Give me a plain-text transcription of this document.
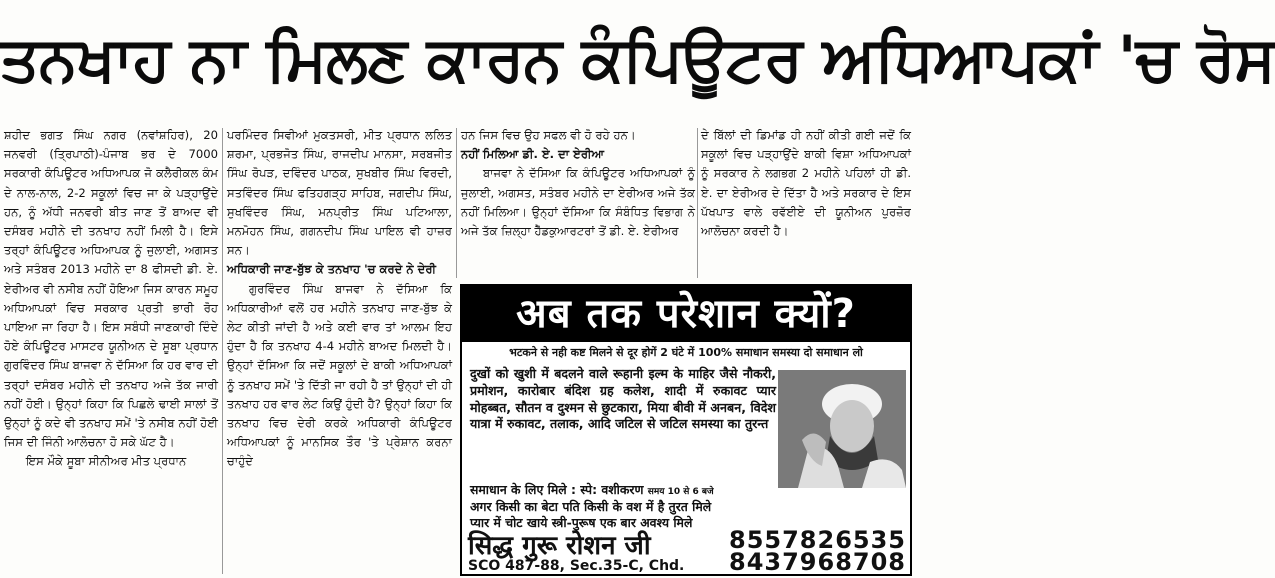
ਤਨਖਾਹ ਨਾ ਮਿਲਣ ਕਾਰਨ ਕੰਪਿਊਟਰ ਅਧਿਆਪਕਾਂ 'ਚ ਰੋਸ

ਸ਼ਹੀਦ ਭਗਤ ਸਿੰਘ ਨਗਰ (ਨਵਾਂਸ਼ਹਿਰ), 20 ਜਨਵਰੀ (ਤ੍ਰਿਪਾਠੀ)-ਪੰਜਾਬ ਭਰ ਦੇ 7000 ਸਰਕਾਰੀ ਕੰਪਿਊਟਰ ਅਧਿਆਪਕ ਜੋ ਕਲੈਰੀਕਲ ਕੰਮ ਦੇ ਨਾਲ-ਨਾਲ, 2-2 ਸਕੂਲਾਂ ਵਿਚ ਜਾ ਕੇ ਪੜ੍ਹਾਉਂਦੇ ਹਨ, ਨੂੰ ਅੱਧੀ ਜਨਵਰੀ ਬੀਤ ਜਾਣ ਤੋਂ ਬਾਅਦ ਵੀ ਦਸੰਬਰ ਮਹੀਨੇ ਦੀ ਤਨਖਾਹ ਨਹੀਂ ਮਿਲੀ ਹੈ। ਇਸੇ ਤਰ੍ਹਾਂ ਕੰਪਿਊਟਰ ਅਧਿਆਪਕ ਨੂੰ ਜੁਲਾਈ, ਅਗਸਤ ਅਤੇ ਸਤੰਬਰ 2013 ਮਹੀਨੇ ਦਾ 8 ਫੀਸਦੀ ਡੀ. ਏ. ਏਰੀਅਰ ਵੀ ਨਸੀਬ ਨਹੀਂ ਹੋਇਆ ਜਿਸ ਕਾਰਨ ਸਮੂਹ ਅਧਿਆਪਕਾਂ ਵਿਚ ਸਰਕਾਰ ਪ੍ਰਤੀ ਭਾਰੀ ਰੋਹ ਪਾਇਆ ਜਾ ਰਿਹਾ ਹੈ। ਇਸ ਸਬੰਧੀ ਜਾਣਕਾਰੀ ਦਿੰਦੇ ਹੋਏ ਕੰਪਿਊਟਰ ਮਾਸਟਰ ਯੂਨੀਅਨ ਦੇ ਸੂਬਾ ਪ੍ਰਧਾਨ ਗੁਰਵਿੰਦਰ ਸਿੰਘ ਬਾਜਵਾ ਨੇ ਦੱਸਿਆ ਕਿ ਹਰ ਵਾਰ ਦੀ ਤਰ੍ਹਾਂ ਦਸੰਬਰ ਮਹੀਨੇ ਦੀ ਤਨਖਾਹ ਅਜੇ ਤੱਕ ਜਾਰੀ ਨਹੀਂ ਹੋਈ। ਉਨ੍ਹਾਂ ਕਿਹਾ ਕਿ ਪਿਛਲੇ ਢਾਈ ਸਾਲਾਂ ਤੋਂ ਉਨ੍ਹਾਂ ਨੂੰ ਕਦੇ ਵੀ ਤਨਖਾਹ ਸਮੇਂ 'ਤੇ ਨਸੀਬ ਨਹੀਂ ਹੋਈ ਜਿਸ ਦੀ ਜਿੰਨੀ ਆਲੋਚਨਾ ਹੋ ਸਕੇ ਘੱਟ ਹੈ।

ਇਸ ਮੌਕੇ ਸੂਬਾ ਸੀਨੀਅਰ ਮੀਤ ਪ੍ਰਧਾਨ

ਪਰਮਿੰਦਰ ਸਿਵੀਆਂ ਮੁਕਤਸਰੀ, ਮੀਤ ਪ੍ਰਧਾਨ ਲਲਿਤ ਸ਼ਰਮਾ, ਪ੍ਰਭਜੋਤ ਸਿੰਘ, ਰਾਜਦੀਪ ਮਾਨਸਾ, ਸਰਬਜੀਤ ਸਿੰਘ ਰੋਪੜ, ਦਵਿੰਦਰ ਪਾਠਕ, ਸੁਖਬੀਰ ਸਿੰਘ ਵਿਰਦੀ, ਸਤਵਿੰਦਰ ਸਿੰਘ ਫਤਿਹਗੜ੍ਹ ਸਾਹਿਬ, ਜਗਦੀਪ ਸਿੰਘ, ਸੁਖਵਿੰਦਰ ਸਿੰਘ, ਮਨਪ੍ਰੀਤ ਸਿੰਘ ਪਟਿਆਲਾ, ਮਨਮੋਹਨ ਸਿੰਘ, ਗਗਨਦੀਪ ਸਿੰਘ ਪਾਇਲ ਵੀ ਹਾਜ਼ਰ ਸਨ।

ਅਧਿਕਾਰੀ ਜਾਣ-ਬੁੱਝ ਕੇ ਤਨਖਾਹ 'ਚ ਕਰਦੇ ਨੇ ਦੇਰੀ

ਗੁਰਵਿੰਦਰ ਸਿੰਘ ਬਾਜਵਾ ਨੇ ਦੱਸਿਆ ਕਿ ਅਧਿਕਾਰੀਆਂ ਵਲੋਂ ਹਰ ਮਹੀਨੇ ਤਨਖਾਹ ਜਾਣ-ਬੁੱਝ ਕੇ ਲੇਟ ਕੀਤੀ ਜਾਂਦੀ ਹੈ ਅਤੇ ਕਈ ਵਾਰ ਤਾਂ ਆਲਮ ਇਹ ਹੁੰਦਾ ਹੈ ਕਿ ਤਨਖਾਹ 4-4 ਮਹੀਨੇ ਬਾਅਦ ਮਿਲਦੀ ਹੈ। ਉਨ੍ਹਾਂ ਦੱਸਿਆ ਕਿ ਜਦੋਂ ਸਕੂਲਾਂ ਦੇ ਬਾਕੀ ਅਧਿਆਪਕਾਂ ਨੂੰ ਤਨਖਾਹ ਸਮੇਂ 'ਤੇ ਦਿੱਤੀ ਜਾ ਰਹੀ ਹੈ ਤਾਂ ਉਨ੍ਹਾਂ ਦੀ ਹੀ ਤਨਖਾਹ ਹਰ ਵਾਰ ਲੇਟ ਕਿਉਂ ਹੁੰਦੀ ਹੈ? ਉਨ੍ਹਾਂ ਕਿਹਾ ਕਿ ਤਨਖਾਹ ਵਿਚ ਦੇਰੀ ਕਰਕੇ ਅਧਿਕਾਰੀ ਕੰਪਿਊਟਰ ਅਧਿਆਪਕਾਂ ਨੂੰ ਮਾਨਸਿਕ ਤੌਰ 'ਤੇ ਪ੍ਰੇਸ਼ਾਨ ਕਰਨਾ ਚਾਹੁੰਦੇ

ਹਨ ਜਿਸ ਵਿਚ ਉਹ ਸਫਲ ਵੀ ਹੋ ਰਹੇ ਹਨ।

ਨਹੀਂ ਮਿਲਿਆ ਡੀ. ਏ. ਦਾ ਏਰੀਆ

ਬਾਜਵਾ ਨੇ ਦੱਸਿਆ ਕਿ ਕੰਪਿਊਟਰ ਅਧਿਆਪਕਾਂ ਨੂੰ ਜੁਲਾਈ, ਅਗਸਤ, ਸਤੰਬਰ ਮਹੀਨੇ ਦਾ ਏਰੀਅਰ ਅਜੇ ਤੱਕ ਨਹੀਂ ਮਿਲਿਆ। ਉਨ੍ਹਾਂ ਦੱਸਿਆ ਕਿ ਸੰਬੰਧਿਤ ਵਿਭਾਗ ਨੇ ਅਜੇ ਤੱਕ ਜ਼ਿਲ੍ਹਾ ਹੈੱਡਕੁਆਰਟਰਾਂ ਤੋਂ ਡੀ. ਏ. ਏਰੀਅਰ

ਦੇ ਬਿੱਲਾਂ ਦੀ ਡਿਮਾਂਡ ਹੀ ਨਹੀਂ ਕੀਤੀ ਗਈ ਜਦੋਂ ਕਿ ਸਕੂਲਾਂ ਵਿਚ ਪੜ੍ਹਾਉਂਦੇ ਬਾਕੀ ਵਿਸ਼ਾ ਅਧਿਆਪਕਾਂ ਨੂੰ ਸਰਕਾਰ ਨੇ ਲਗਭਗ 2 ਮਹੀਨੇ ਪਹਿਲਾਂ ਹੀ ਡੀ. ਏ. ਦਾ ਏਰੀਅਰ ਦੇ ਦਿੱਤਾ ਹੈ ਅਤੇ ਸਰਕਾਰ ਦੇ ਇਸ ਪੱਖਪਾਤ ਵਾਲੇ ਰਵੱਈਏ ਦੀ ਯੂਨੀਅਨ ਪੁਰਜ਼ੋਰ ਆਲੋਚਨਾ ਕਰਦੀ ਹੈ।

अब तक परेशान क्यों?
भटकने से नही कष्ट मिलने से दूर होगें 2 घंटे में 100% समाधान समस्या दो समाधान लो
दुखों को खुशी में बदलने वाले रूहानी इल्म के माहिर जैसे नौकरी, प्रमोशन, कारोबार बंदिश ग्रह कलेश, शादी में रुकावट प्यार मोहब्बत, सौतन व दुश्मन से छुटकारा, मिया बीवी में अनबन, विदेश यात्रा में रुकावट, तलाक, आदि जटिल से जटिल समस्या का तुरन्त
समाधान के लिए मिले : स्पे: वशीकरण समय 10 से 6 बजे
अगर किसी का बेटा पति किसी के वश में है तुरत मिले
प्यार में चोट खाये स्त्री-पुरूष एक बार अवश्य मिले
सिद्ध गुरू रोशन जी
SCO 487-88, Sec.35-C, Chd.
8557826535
8437968708
